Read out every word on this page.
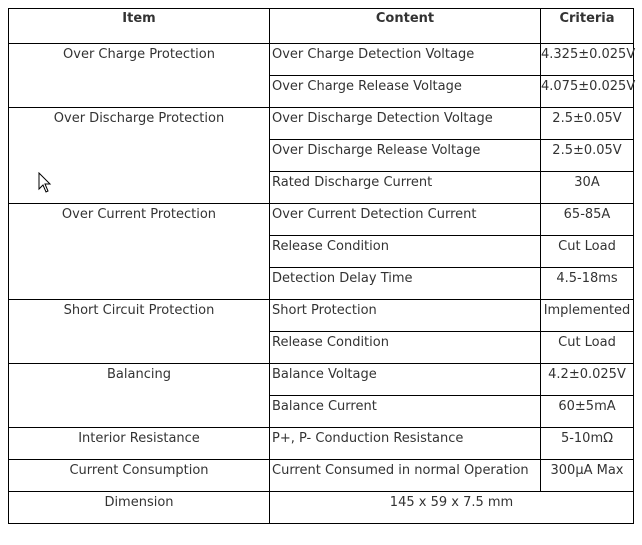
Item	Content	Criteria
Over Charge Protection	Over Charge Detection Voltage	4.325±0.025V
	Over Charge Release Voltage	4.075±0.025V
Over Discharge Protection	Over Discharge Detection Voltage	2.5±0.05V
	Over Discharge Release Voltage	2.5±0.05V
	Rated Discharge Current	30A
Over Current Protection	Over Current Detection Current	65-85A
	Release Condition	Cut Load
	Detection Delay Time	4.5-18ms
Short Circuit Protection	Short Protection	Implemented
	Release Condition	Cut Load
Balancing	Balance Voltage	4.2±0.025V
	Balance Current	60±5mA
Interior Resistance	P+, P- Conduction Resistance	5-10mΩ
Current Consumption	Current Consumed in normal Operation	300μA Max
Dimension	145 x 59 x 7.5 mm	
